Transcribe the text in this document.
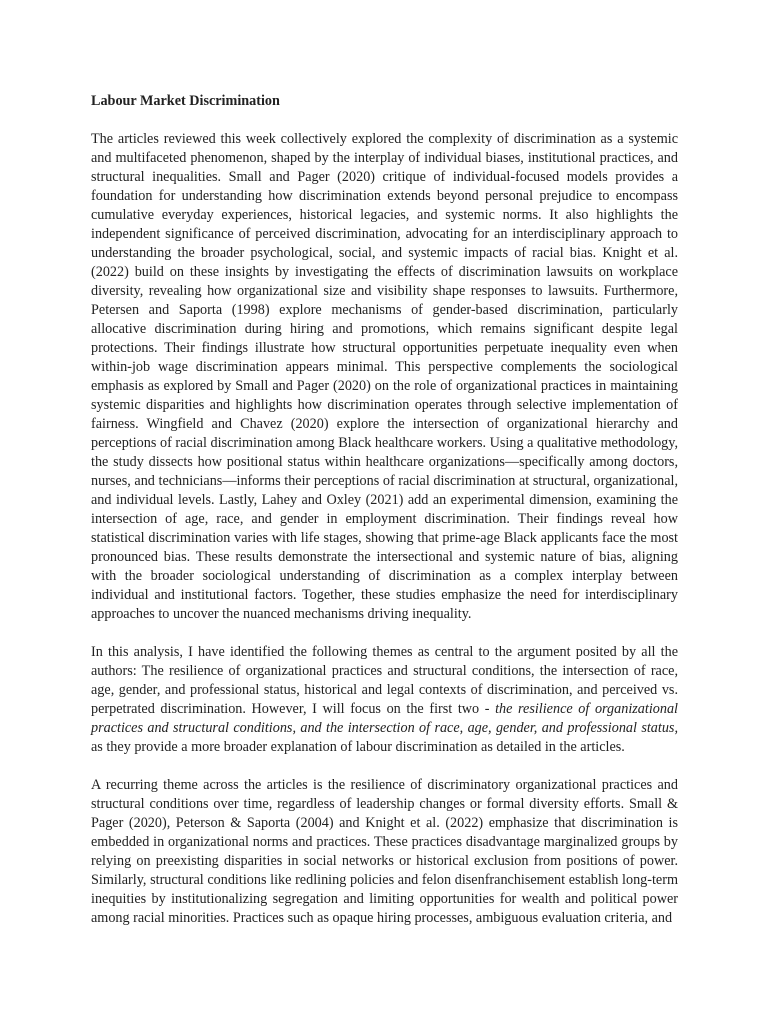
Labour Market Discrimination

The articles reviewed this week collectively explored the complexity of discrimination as a systemic and multifaceted phenomenon, shaped by the interplay of individual biases, institutional practices, and structural inequalities. Small and Pager (2020) critique of individual-focused models provides a foundation for understanding how discrimination extends beyond personal prejudice to encompass cumulative everyday experiences, historical legacies, and systemic norms. It also highlights the independent significance of perceived discrimination, advocating for an interdisciplinary approach to understanding the broader psychological, social, and systemic impacts of racial bias. Knight et al. (2022) build on these insights by investigating the effects of discrimination lawsuits on workplace diversity, revealing how organizational size and visibility shape responses to lawsuits. Furthermore, Petersen and Saporta (1998) explore mechanisms of gender-based discrimination, particularly allocative discrimination during hiring and promotions, which remains significant despite legal protections. Their findings illustrate how structural opportunities perpetuate inequality even when within-job wage discrimination appears minimal. This perspective complements the sociological emphasis as explored by Small and Pager (2020) on the role of organizational practices in maintaining systemic disparities and highlights how discrimination operates through selective implementation of fairness. Wingfield and Chavez (2020) explore the intersection of organizational hierarchy and perceptions of racial discrimination among Black healthcare workers. Using a qualitative methodology, the study dissects how positional status within healthcare organizations—specifically among doctors, nurses, and technicians—informs their perceptions of racial discrimination at structural, organizational, and individual levels. Lastly, Lahey and Oxley (2021) add an experimental dimension, examining the intersection of age, race, and gender in employment discrimination. Their findings reveal how statistical discrimination varies with life stages, showing that prime-age Black applicants face the most pronounced bias. These results demonstrate the intersectional and systemic nature of bias, aligning with the broader sociological understanding of discrimination as a complex interplay between individual and institutional factors. Together, these studies emphasize the need for interdisciplinary approaches to uncover the nuanced mechanisms driving inequality.

In this analysis, I have identified the following themes as central to the argument posited by all the authors: The resilience of organizational practices and structural conditions, the intersection of race, age, gender, and professional status, historical and legal contexts of discrimination, and perceived vs. perpetrated discrimination. However, I will focus on the first two - the resilience of organizational practices and structural conditions, and the intersection of race, age, gender, and professional status, as they provide a more broader explanation of labour discrimination as detailed in the articles.

A recurring theme across the articles is the resilience of discriminatory organizational practices and structural conditions over time, regardless of leadership changes or formal diversity efforts. Small & Pager (2020), Peterson & Saporta (2004) and Knight et al. (2022) emphasize that discrimination is embedded in organizational norms and practices. These practices disadvantage marginalized groups by relying on preexisting disparities in social networks or historical exclusion from positions of power. Similarly, structural conditions like redlining policies and felon disenfranchisement establish long-term inequities by institutionalizing segregation and limiting opportunities for wealth and political power among racial minorities. Practices such as opaque hiring processes, ambiguous evaluation criteria, and
